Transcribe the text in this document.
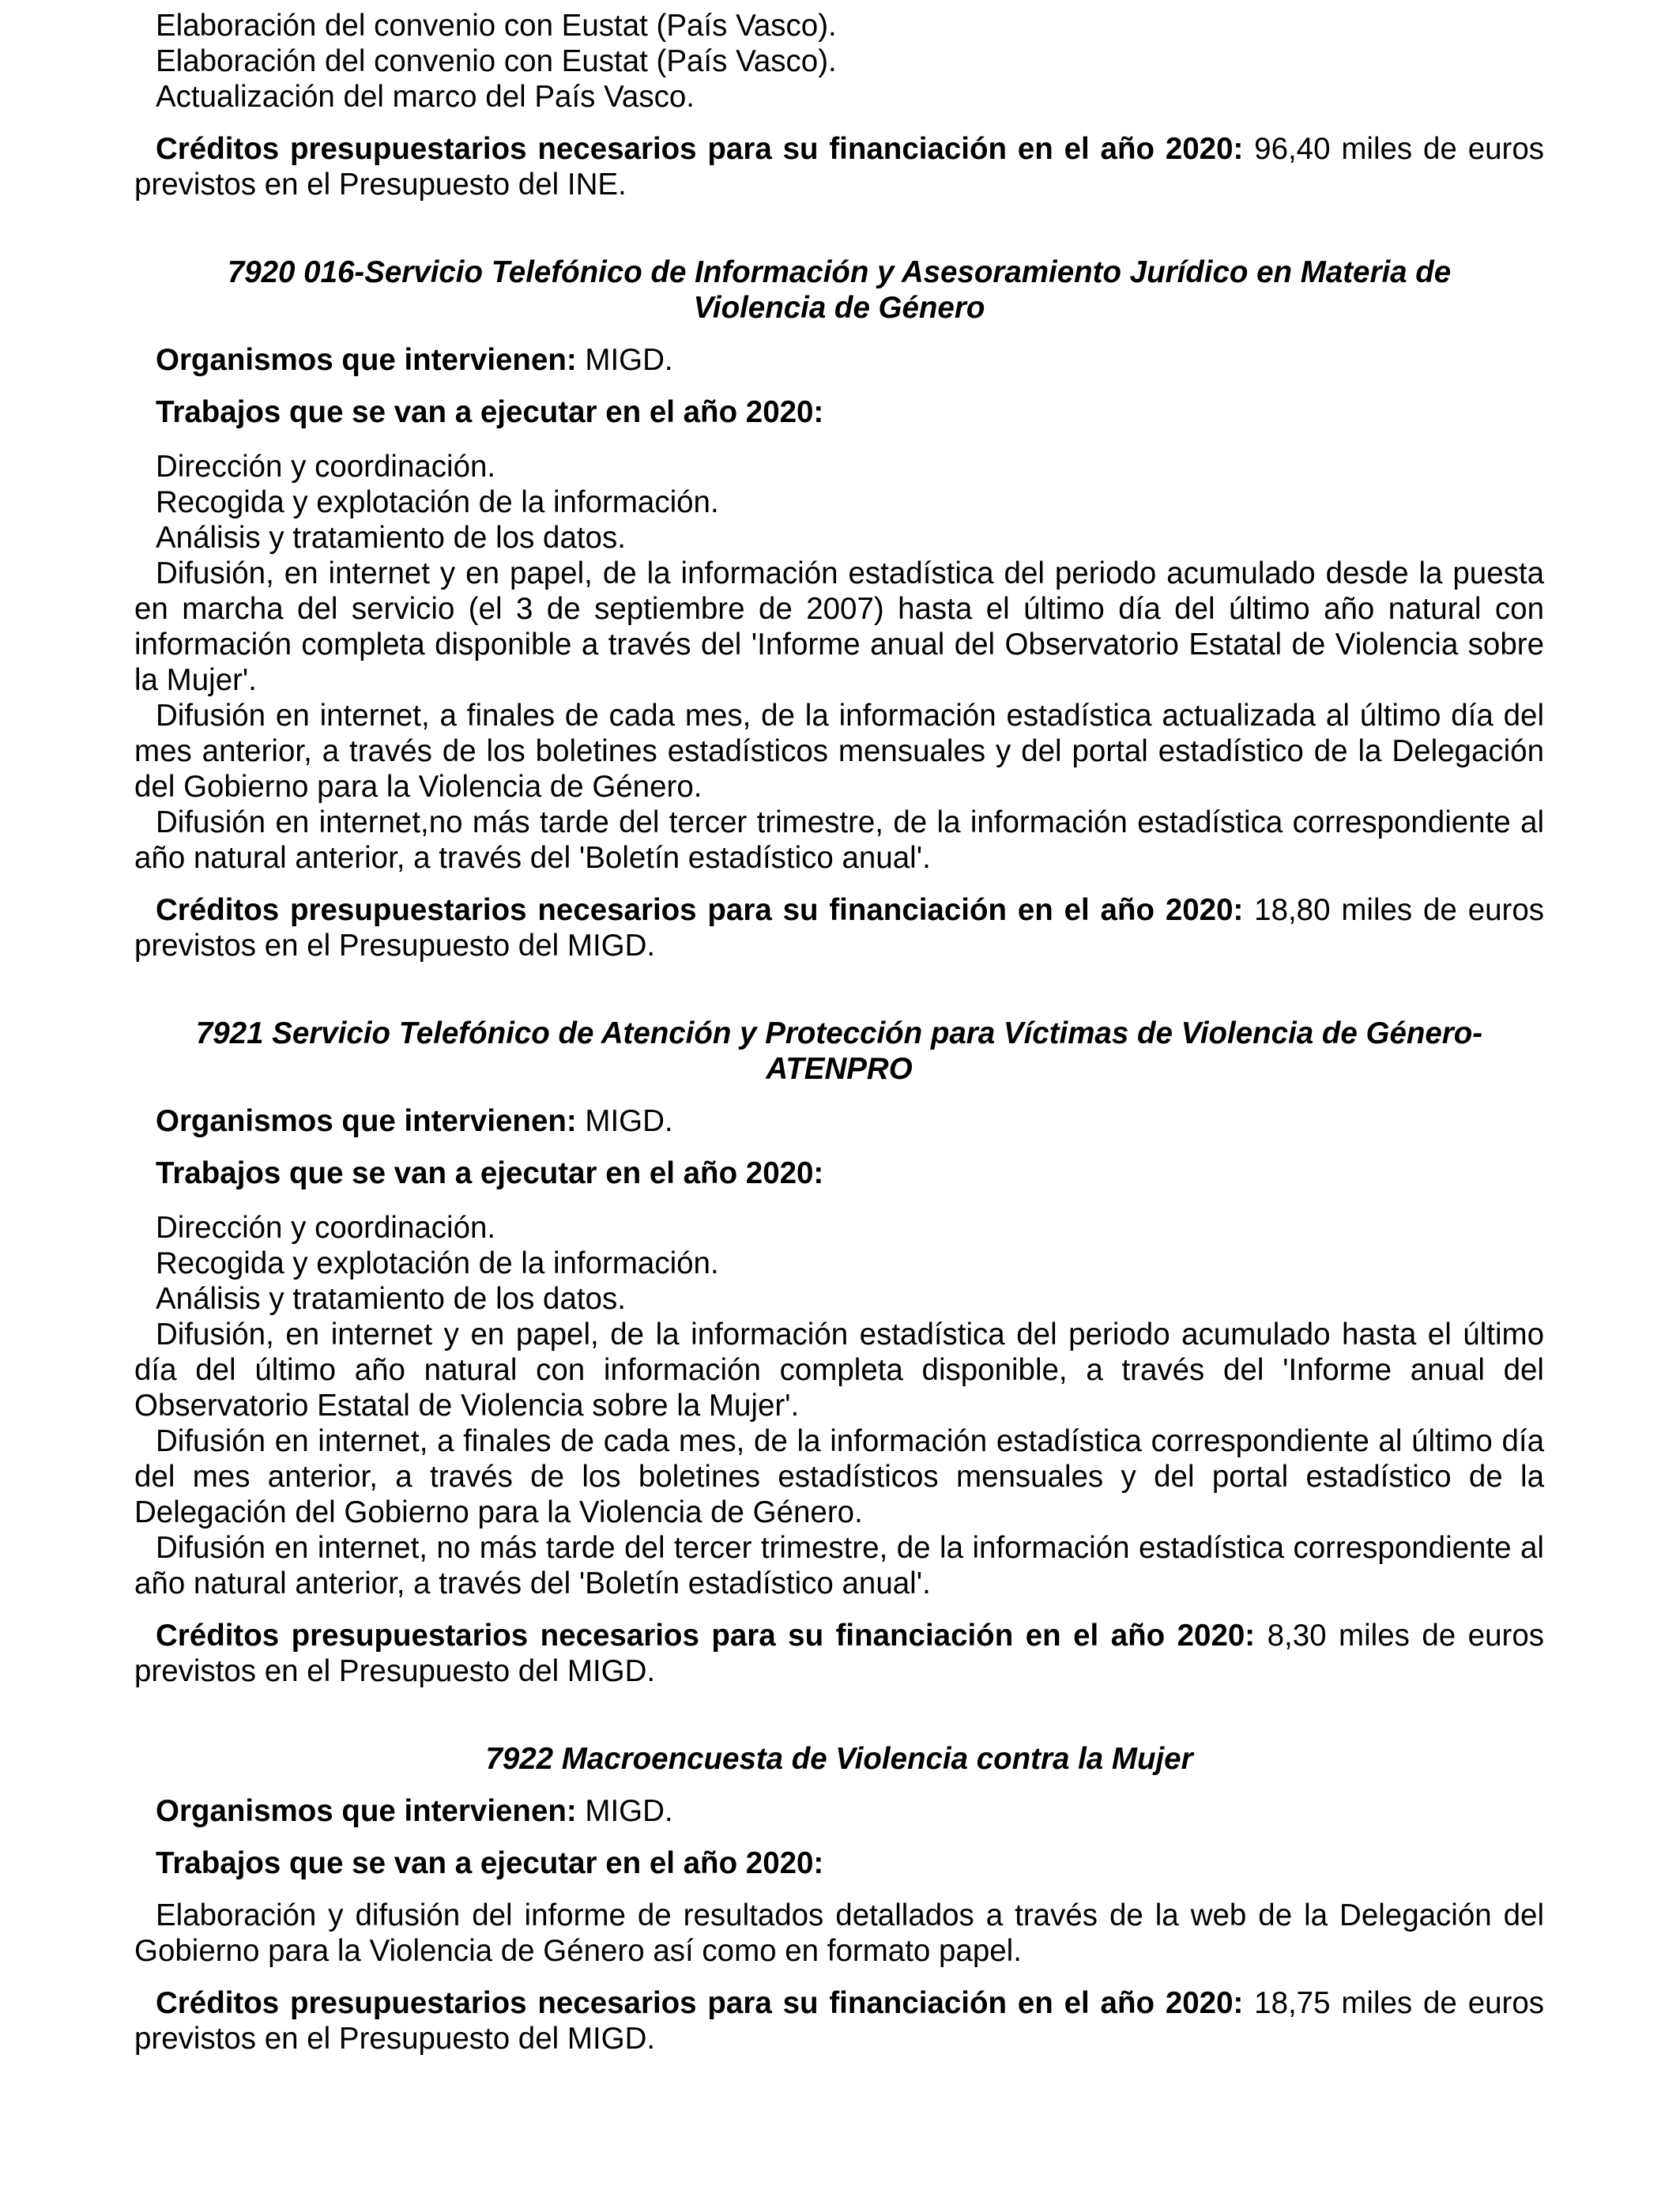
Elaboración del convenio con Eustat (País Vasco).

Elaboración del convenio con Eustat (País Vasco).

Actualización del marco del País Vasco.

Créditos presupuestarios necesarios para su financiación en el año 2020: 96,40 miles de euros previstos en el Presupuesto del INE.

7920 016-Servicio Telefónico de Información y Asesoramiento Jurídico en Materia de Violencia de Género

Organismos que intervienen: MIGD.

Trabajos que se van a ejecutar en el año 2020:

Dirección y coordinación.

Recogida y explotación de la información.

Análisis y tratamiento de los datos.

Difusión, en internet y en papel, de la información estadística del periodo acumulado desde la puesta en marcha del servicio (el 3 de septiembre de 2007) hasta el último día del último año natural con información completa disponible a través del 'Informe anual del Observatorio Estatal de Violencia sobre la Mujer'.

Difusión en internet, a finales de cada mes, de la información estadística actualizada al último día del mes anterior, a través de los boletines estadísticos mensuales y del portal estadístico de la Delegación del Gobierno para la Violencia de Género.

Difusión en internet,no más tarde del tercer trimestre, de la información estadística correspondiente al año natural anterior, a través del 'Boletín estadístico anual'.

Créditos presupuestarios necesarios para su financiación en el año 2020: 18,80 miles de euros previstos en el Presupuesto del MIGD.

7921 Servicio Telefónico de Atención y Protección para Víctimas de Violencia de Género-ATENPRO

Organismos que intervienen: MIGD.

Trabajos que se van a ejecutar en el año 2020:

Dirección y coordinación.

Recogida y explotación de la información.

Análisis y tratamiento de los datos.

Difusión, en internet y en papel, de la información estadística del periodo acumulado hasta el último día del último año natural con información completa disponible, a través del 'Informe anual del Observatorio Estatal de Violencia sobre la Mujer'.

Difusión en internet, a finales de cada mes, de la información estadística correspondiente al último día del mes anterior, a través de los boletines estadísticos mensuales y del portal estadístico de la Delegación del Gobierno para la Violencia de Género.

Difusión en internet, no más tarde del tercer trimestre, de la información estadística correspondiente al año natural anterior, a través del 'Boletín estadístico anual'.

Créditos presupuestarios necesarios para su financiación en el año 2020: 8,30 miles de euros previstos en el Presupuesto del MIGD.

7922 Macroencuesta de Violencia contra la Mujer

Organismos que intervienen: MIGD.

Trabajos que se van a ejecutar en el año 2020:

Elaboración y difusión del informe de resultados detallados a través de la web de la Delegación del Gobierno para la Violencia de Género así como en formato papel.

Créditos presupuestarios necesarios para su financiación en el año 2020: 18,75 miles de euros previstos en el Presupuesto del MIGD.
